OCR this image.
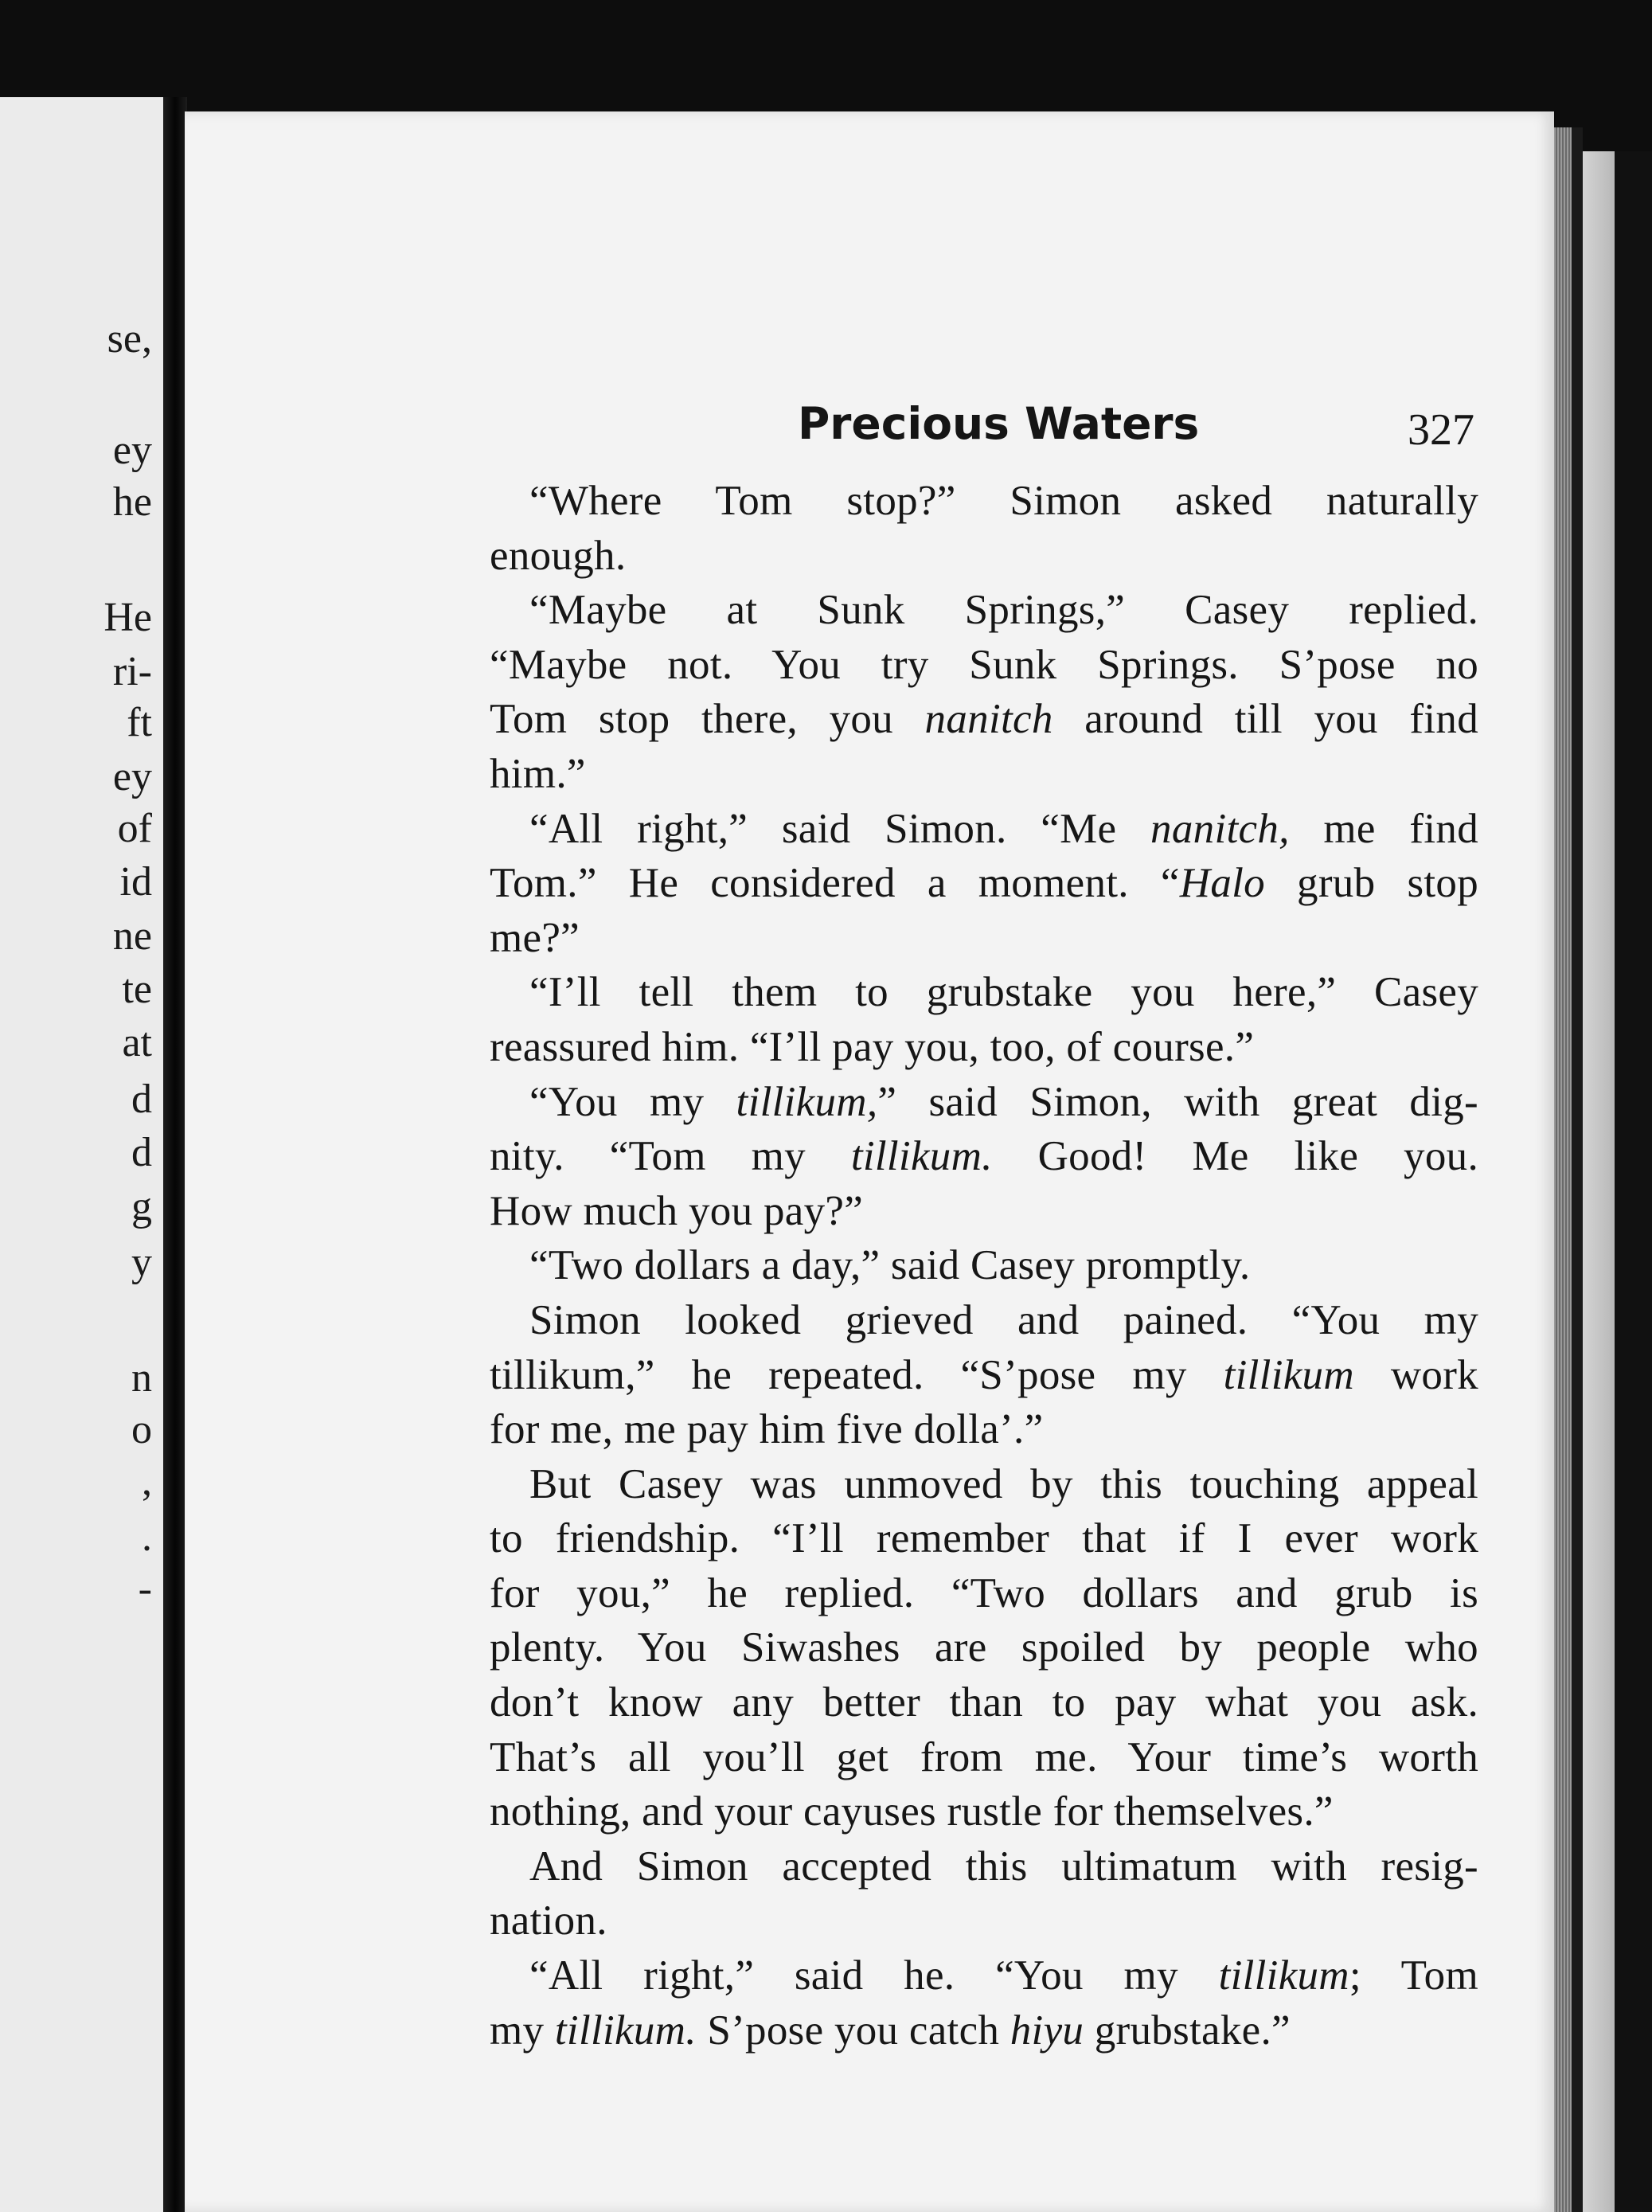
se,
ey
he
He
ri-
ft
ey
of
id
ne
te
at
d
d
g
y
n
o
,
.
-
Precious Waters	327
“Where Tom stop?” Simon asked naturally
enough.
“Maybe at Sunk Springs,” Casey replied.
“Maybe not. You try Sunk Springs. S’pose no
Tom stop there, you nanitch around till you find
him.”
“All right,” said Simon. “Me nanitch, me find
Tom.” He considered a moment. “Halo grub stop
me?”
“I’ll tell them to grubstake you here,” Casey
reassured him. “I’ll pay you, too, of course.”
“You my tillikum,” said Simon, with great dig-
nity. “Tom my tillikum. Good! Me like you.
How much you pay?”
“Two dollars a day,” said Casey promptly.
Simon looked grieved and pained. “You my
tillikum,” he repeated. “S’pose my tillikum work
for me, me pay him five dolla’.”
But Casey was unmoved by this touching appeal
to friendship. “I’ll remember that if I ever work
for you,” he replied. “Two dollars and grub is
plenty. You Siwashes are spoiled by people who
don’t know any better than to pay what you ask.
That’s all you’ll get from me. Your time’s worth
nothing, and your cayuses rustle for themselves.”
And Simon accepted this ultimatum with resig-
nation.
“All right,” said he. “You my tillikum; Tom
my tillikum. S’pose you catch hiyu grubstake.”
